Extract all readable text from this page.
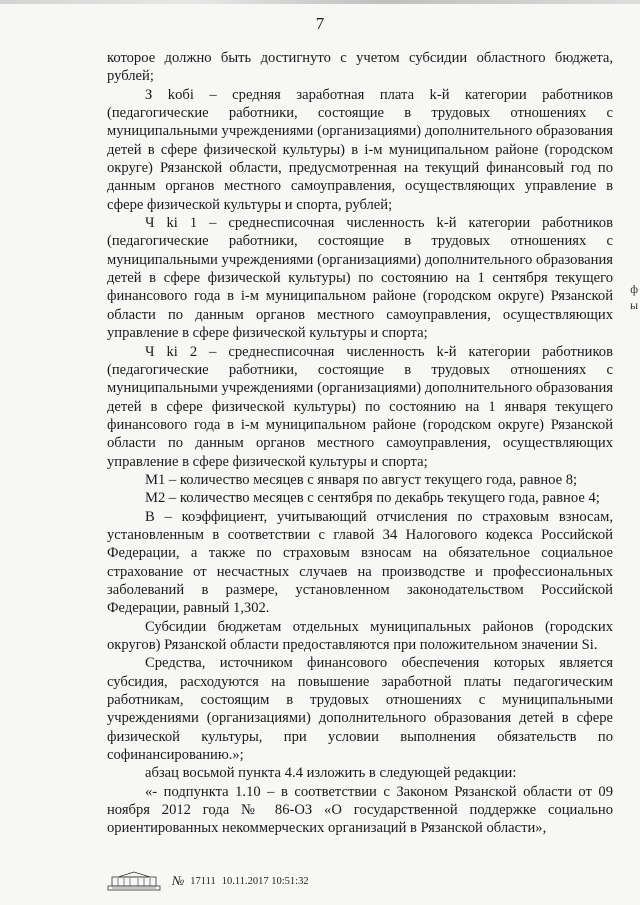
7

которое должно быть достигнуто с учетом субсидии областного бюджета, рублей;

З kобі – средняя заработная плата k-й категории работников (педагогические работники, состоящие в трудовых отношениях с муниципальными учреждениями (организациями) дополнительного образования детей в сфере физической культуры) в і-м муниципальном районе (городском округе) Рязанской области, предусмотренная на текущий финансовый год по данным органов местного самоуправления, осуществляющих управление в сфере физической культуры и спорта, рублей;

Ч ki 1 – среднесписочная численность k-й категории работников (педагогические работники, состоящие в трудовых отношениях с муниципальными учреждениями (организациями) дополнительного образования детей в сфере физической культуры) по состоянию на 1 сентября текущего финансового года в і-м муниципальном районе (городском округе) Рязанской области по данным органов местного самоуправления, осуществляющих управление в сфере физической культуры и спорта;

Ч ki 2 – среднесписочная численность k-й категории работников (педагогические работники, состоящие в трудовых отношениях с муниципальными учреждениями (организациями) дополнительного образования детей в сфере физической культуры) по состоянию на 1 января текущего финансового года в і-м муниципальном районе (городском округе) Рязанской области по данным органов местного самоуправления, осуществляющих управление в сфере физической культуры и спорта;

М1 – количество месяцев с января по август текущего года, равное 8;

М2 – количество месяцев с сентября по декабрь текущего года, равное 4;

В – коэффициент, учитывающий отчисления по страховым взносам, установленным в соответствии с главой 34 Налогового кодекса Российской Федерации, а также по страховым взносам на обязательное социальное страхование от несчастных случаев на производстве и профессиональных заболеваний в размере, установленном законодательством Российской Федерации, равный 1,302.

Субсидии бюджетам отдельных муниципальных районов (городских округов) Рязанской области предоставляются при положительном значении Si.

Средства, источником финансового обеспечения которых является субсидия, расходуются на повышение заработной платы педагогическим работникам, состоящим в трудовых отношениях с муниципальными учреждениями (организациями) дополнительного образования детей в сфере физической культуры, при условии выполнения обязательств по софинансированию.»;

абзац восьмой пункта 4.4 изложить в следующей редакции:

«- подпункта 1.10 – в соответствии с Законом Рязанской области от 09 ноября 2012 года № 86-ОЗ «О государственной поддержке социально ориентированных некоммерческих организаций в Рязанской области»,

ф
ы
№ 17111 10.11.2017 10:51:32
